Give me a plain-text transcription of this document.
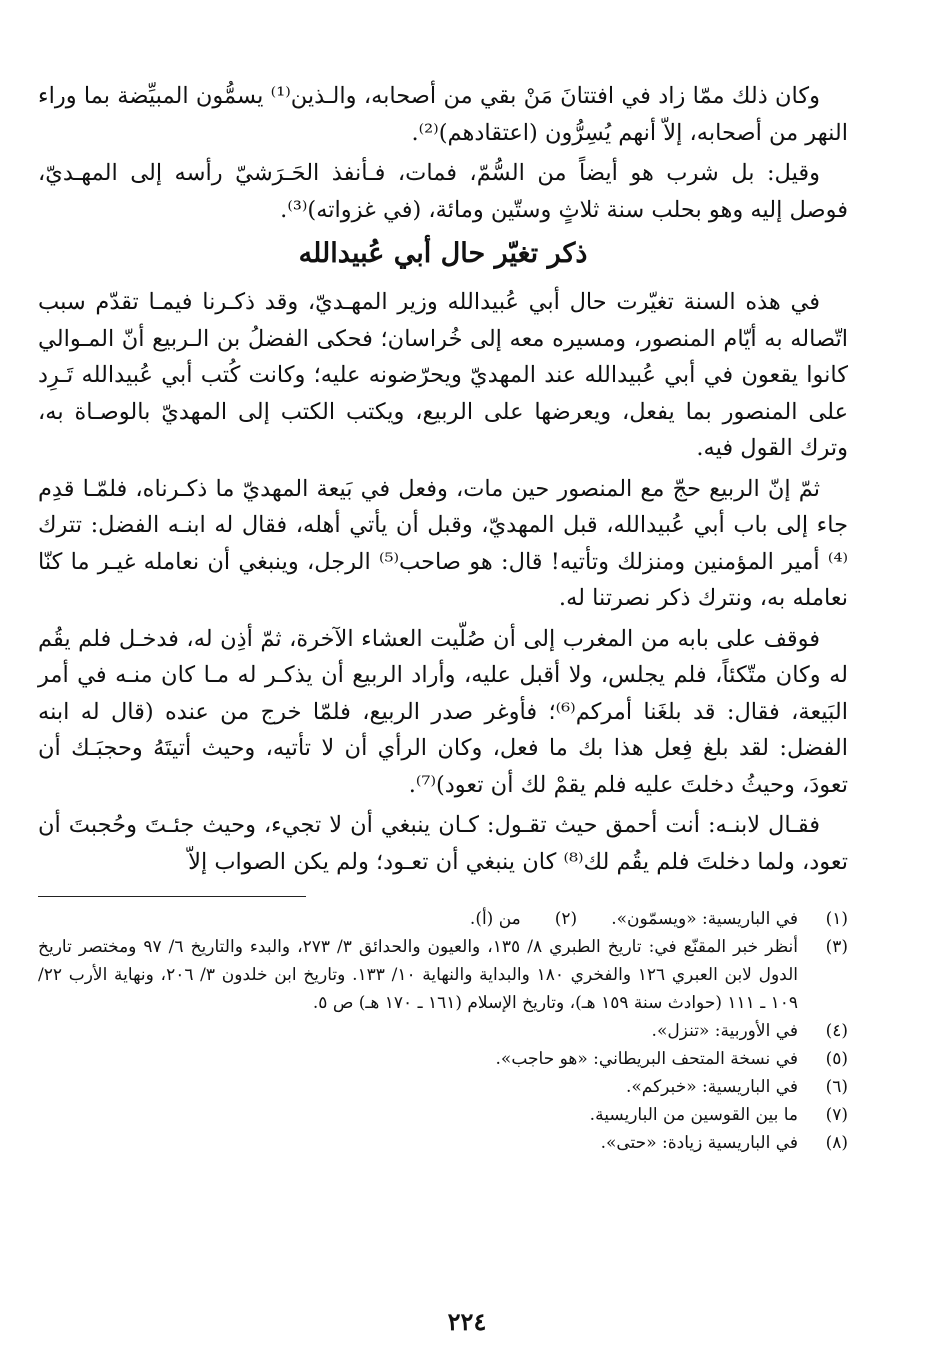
وكان ذلك ممّا زاد في افتتانَ مَنْ بقي من أصحابه، والـذين⁽¹⁾ يسمُّون المبيِّضة بما وراء النهر من أصحابه، إلاّ أنهم يُسِرُّون (اعتقادهم)⁽²⁾.

وقيل: بل شرب هو أيضاً من السُّمّ، فمات، فـأنفذ الحَـرَشيّ رأسه إلى المهـديّ، فوصل إليه وهو بحلب سنة ثلاثٍ وستّين ومائة، (في غزواته)⁽³⁾.

ذكر تغيّر حال أبي عُبيدالله

في هذه السنة تغيّرت حال أبي عُبيدالله وزير المهـديّ، وقد ذكـرنا فيمـا تقدّم سبب اتّصاله به أيّام المنصور، ومسيره معه إلى خُراسان؛ فحكى الفضلُ بن الـربيع أنّ المـوالي كانوا يقعون في أبي عُبيدالله عند المهديّ ويحرّضونه عليه؛ وكانت كُتب أبي عُبيدالله تَـرِد على المنصور بما يفعل، ويعرضها على الربيع، ويكتب الكتب إلى المهديّ بالوصـاة به، وترك القول فيه.

ثمّ إنّ الربيع حجّ مع المنصور حين مات، وفعل في بَيعة المهديّ ما ذكـرناه، فلمّـا قدِم جاء إلى باب أبي عُبيدالله، قبل المهديّ، وقبل أن يأتي أهله، فقال له ابنـه الفضل: تترك ⁽⁴⁾ أمير المؤمنين ومنزلك وتأتيه! قال: هو صاحب⁽⁵⁾ الرجل، وينبغي أن نعامله غيـر ما كنّا نعامله به، ونترك ذكر نصرتنا له.

فوقف على بابه من المغرب إلى أن صُلّيت العشاء الآخرة، ثمّ أذِن له، فدخـل فلم يقُم له وكان متّكئاً، فلم يجلس، ولا أقبل عليه، وأراد الربيع أن يذكـر له مـا كان منـه في أمر البَيعة، فقال: قد بلغَنا أمركم⁽⁶⁾؛ فأوغر صدر الربيع، فلمّا خرج من عنده (قال له ابنه الفضل: لقد بلغ فِعل هذا بك ما فعل، وكان الرأي أن لا تأتيه، وحيث أتيتَهُ وحجبَـك أن تعودَ، وحيثُ دخلتَ عليه فلم يقمْ لك أن تعود)⁽⁷⁾.

فقـال لابنـه: أنت أحمق حيث تقـول: كـان ينبغي أن لا تجيء، وحيث جئـتَ وحُجبتَ أن تعود، ولما دخلتَ فلم يقُم لك⁽⁸⁾ كان ينبغي أن تعـود؛ ولم يكن الصواب إلاّ

(١)
في الباريسية: «ويسمّون».
(٢)
من (أ).
(٣)
أنظر خبر المقنّع في: تاريخ الطبري ٨/ ١٣٥، والعيون والحدائق ٣/ ٢٧٣، والبدء والتاريخ ٦/ ٩٧ ومختصر تاريخ الدول لابن العبري ١٢٦ والفخري ١٨٠ والبداية والنهاية ١٠/ ١٣٣. وتاريخ ابن خلدون ٣/ ٢٠٦، ونهاية الأرب ٢٢/ ١٠٩ ـ ١١١ (حوادث سنة ١٥٩ هـ)، وتاريخ الإسلام (١٦١ ـ ١٧٠ هـ) ص ٥.
(٤)
في الأوربية: «تنزل».
(٥)
في نسخة المتحف البريطاني: «هو حاجب».
(٦)
في الباريسية: «خبركم».
(٧)
ما بين القوسين من الباريسية.
(٨)
في الباريسية زيادة: «حتى».
٢٢٤
